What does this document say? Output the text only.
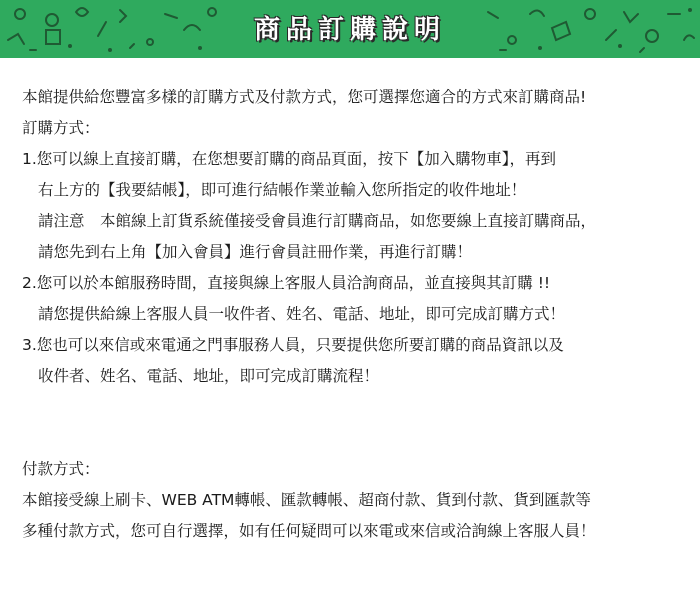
商品訂購說明
本館提供給您豐富多樣的訂購方式及付款方式，您可選擇您適合的方式來訂購商品!
訂購方式：
1.您可以線上直接訂購，在您想要訂購的商品頁面，按下【加入購物車】，再到
右上方的【我要結帳】，即可進行結帳作業並輸入您所指定的收件地址！
請注意　本館線上訂貨系統僅接受會員進行訂購商品，如您要線上直接訂購商品，
請您先到右上角【加入會員】進行會員註冊作業，再進行訂購！
2.您可以於本館服務時間，直接與線上客服人員洽詢商品，並直接與其訂購 !!
請您提供給線上客服人員一收件者、姓名、電話、地址，即可完成訂購方式！
3.您也可以來信或來電通之門事服務人員，只要提供您所要訂購的商品資訊以及
收件者、姓名、電話、地址，即可完成訂購流程！
付款方式：
本館接受線上刷卡、WEB ATM轉帳、匯款轉帳、超商付款、貨到付款、貨到匯款等
多種付款方式，您可自行選擇，如有任何疑問可以來電或來信或洽詢線上客服人員！
